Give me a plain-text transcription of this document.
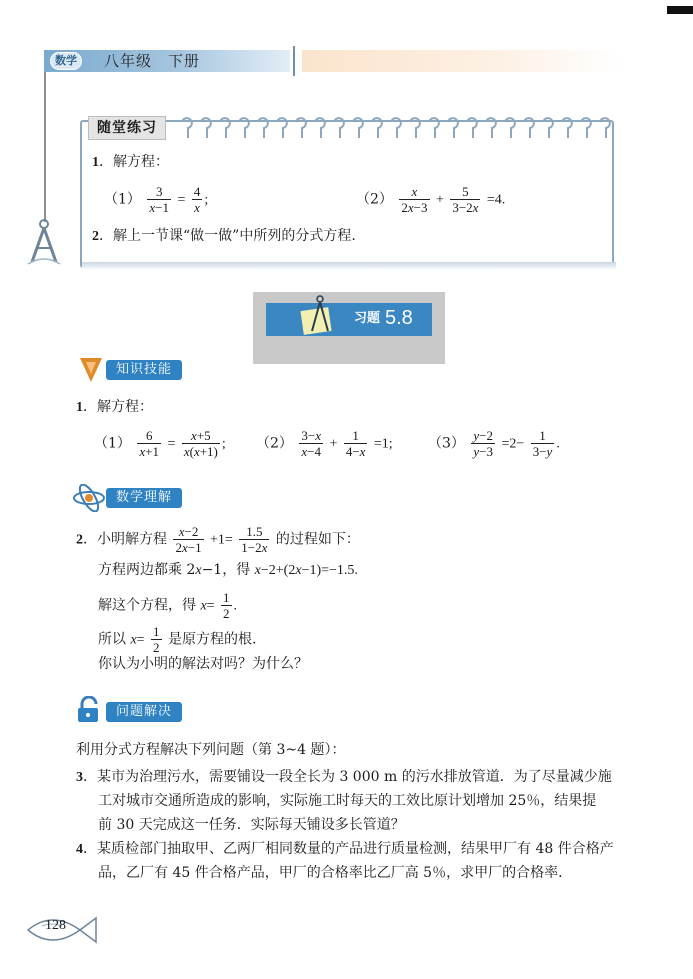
数学	八年级　下册
随堂练习
1．解方程：
$(1) \frac{3}{x-1} = \frac{4}{x}$ ;	$(2) \frac{x}{2x-3} + \frac{5}{3-2x} =4$.
2．解上一节课“做一做”中所列的分式方程.
习题 5.8
知识技能
1．解方程：
$(1) \frac{6}{x+1} = \frac{x+5}{x(x+1)}$ ; $(2) \frac{3-x}{x-4} + \frac{1}{4-x} =1$;	$(3) \frac{y-2}{y-3} =2- \frac{1}{3-y}$ .
数学理解
2．小明解方程 $\frac{x-2}{2x-1} +1= \frac{1.5}{1-2x}$ 的过程如下：
方程两边都乘 2x−1，得 x−2+(2x−1)=−1.5.
解这个方程，得 $x= \frac{1}{2}$ .
所以 $x= \frac{1}{2}$ 是原方程的根.
你认为小明的解法对吗？为什么？
问题解决
利用分式方程解决下列问题（第 3~4 题）：
3．某市为治理污水，需要铺设一段全长为 3 000 m 的污水排放管道．为了尽量减少施
工对城市交通所造成的影响，实际施工时每天的工效比原计划增加 25％，结果提
前 30 天完成这一任务．实际每天铺设多长管道？
4．某质检部门抽取甲、乙两厂相同数量的产品进行质量检测，结果甲厂有 48 件合格产
品，乙厂有 45 件合格产品，甲厂的合格率比乙厂高 5％，求甲厂的合格率.
128
